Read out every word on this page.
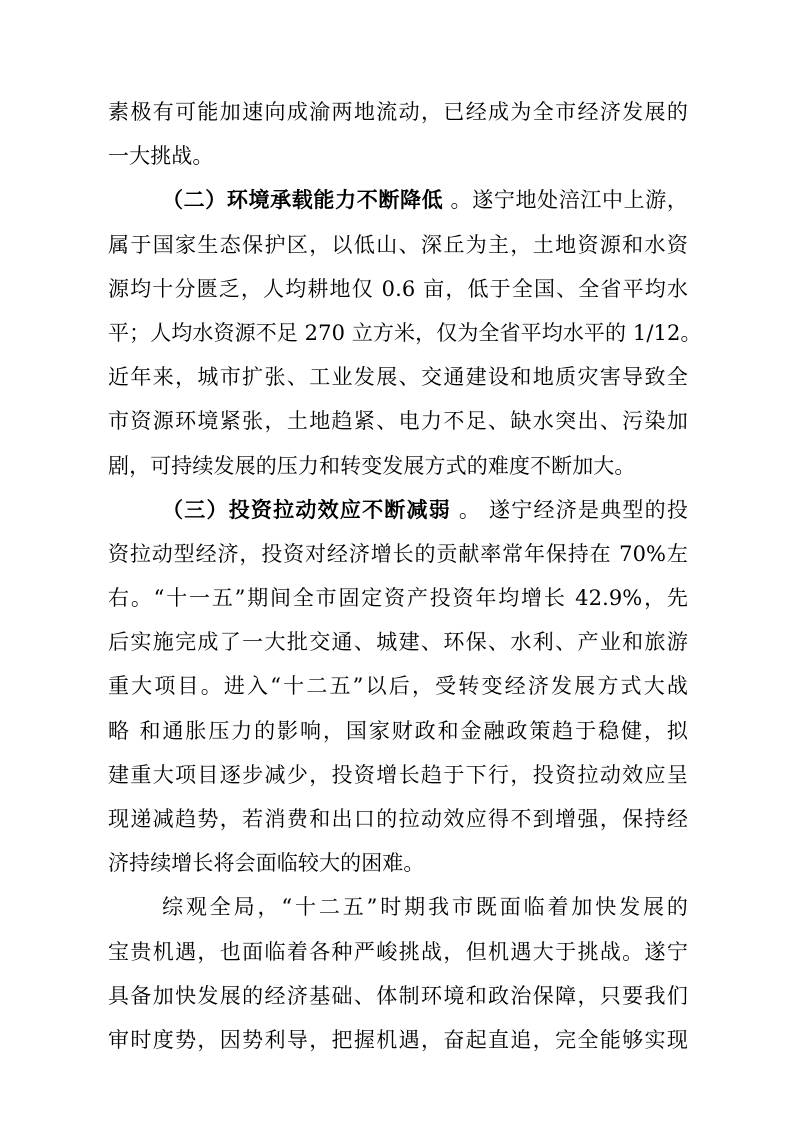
素极有可能加速向成渝两地流动，已经成为全市经济发展的
一大挑战。
（二）环境承载能力不断降低 。遂宁地处涪江中上游，
属于国家生态保护区，以低山、深丘为主，土地资源和水资
源均十分匮乏，人均耕地仅 0.6 亩，低于全国、全省平均水
平；人均水资源不足 270 立方米，仅为全省平均水平的 1/12。
近年来，城市扩张、工业发展、交通建设和地质灾害导致全
市资源环境紧张，土地趋紧、电力不足、缺水突出、污染加
剧，可持续发展的压力和转变发展方式的难度不断加大。
（三）投资拉动效应不断减弱 。 遂宁经济是典型的投
资拉动型经济，投资对经济增长的贡献率常年保持在 70%左
右。“十一五”期间全市固定资产投资年均增长 42.9%，先
后实施完成了一大批交通、城建、环保、水利、产业和旅游
重大项目。进入“十二五”以后，受转变经济发展方式大战
略 和通胀压力的影响，国家财政和金融政策趋于稳健，拟
建重大项目逐步减少，投资增长趋于下行，投资拉动效应呈
现递减趋势，若消费和出口的拉动效应得不到增强，保持经
济持续增长将会面临较大的困难。
综观全局，“十二五”时期我市既面临着加快发展的
宝贵机遇，也面临着各种严峻挑战，但机遇大于挑战。遂宁
具备加快发展的经济基础、体制环境和政治保障，只要我们
审时度势，因势利导，把握机遇，奋起直追，完全能够实现
